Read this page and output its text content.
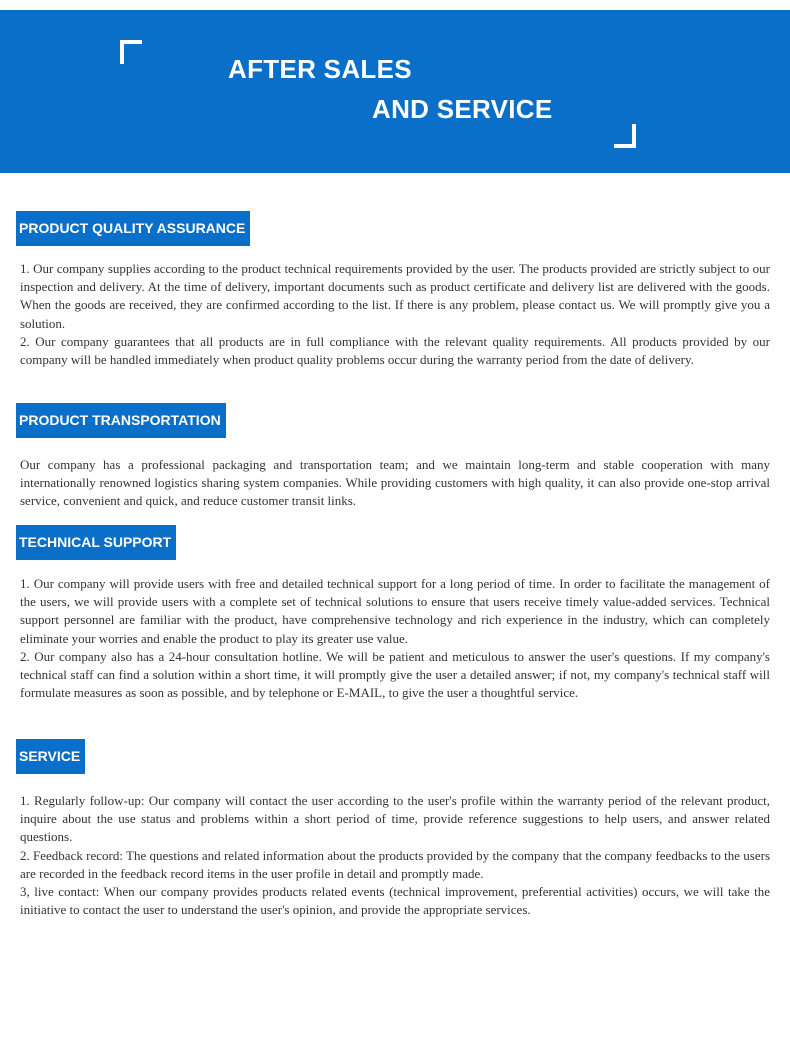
AFTER SALES
AND SERVICE
PRODUCT QUALITY ASSURANCE
1. Our company supplies according to the product technical requirements provided by the user. The products provided are strictly subject to our inspection and delivery. At the time of delivery, important documents such as product certificate and delivery list are delivered with the goods. When the goods are received, they are confirmed according to the list. If there is any problem, please contact us. We will promptly give you a solution.
2. Our company guarantees that all products are in full compliance with the relevant quality requirements. All products provided by our company will be handled immediately when product quality problems occur during the warranty period from the date of delivery.
PRODUCT TRANSPORTATION
Our company has a professional packaging and transportation team; and we maintain long-term and stable cooperation with many internationally renowned logistics sharing system companies. While providing customers with high quality, it can also provide one-stop arrival service, convenient and quick, and reduce customer transit links.
TECHNICAL SUPPORT
1. Our company will provide users with free and detailed technical support for a long period of time. In order to facilitate the management of the users, we will provide users with a complete set of technical solutions to ensure that users receive timely value-added services. Technical support personnel are familiar with the product, have comprehensive technology and rich experience in the industry, which can completely eliminate your worries and enable the product to play its greater use value.
2. Our company also has a 24-hour consultation hotline. We will be patient and meticulous to answer the user's questions. If my company's technical staff can find a solution within a short time, it will promptly give the user a detailed answer; if not, my company's technical staff will formulate measures as soon as possible, and by telephone or E-MAIL, to give the user a thoughtful service.
SERVICE
1. Regularly follow-up: Our company will contact the user according to the user's profile within the warranty period of the relevant product, inquire about the use status and problems within a short period of time, provide reference suggestions to help users, and answer related questions.
2. Feedback record: The questions and related information about the products provided by the company that the company feedbacks to the users are recorded in the feedback record items in the user profile in detail and promptly made.
3, live contact: When our company provides products related events (technical improvement, preferential activities) occurs, we will take the initiative to contact the user to understand the user's opinion, and provide the appropriate services.
